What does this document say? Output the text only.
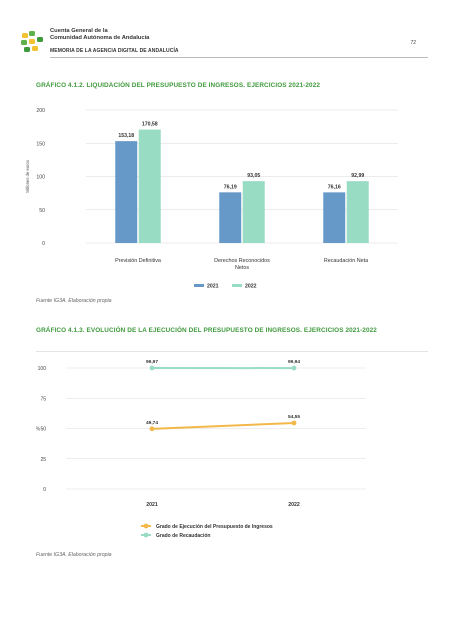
Cuenta General de la
Comunidad Autónoma de Andalucía
72
MEMORIA DE LA AGENCIA DIGITAL DE ANDALUCÍA
GRÁFICO 4.1.2. LIQUIDACIÓN DEL PRESUPUESTO DE INGRESOS. EJERCICIOS 2021-2022
0
50
100
150
200
Millones de euros
153,18
170,58
Previsión Definitiva
76,19
93,05
Derechos Reconocidos
Netos
76,16
92,99
Recaudación Neta
2021	2022
Fuente IG3A. Elaboración propia
GRÁFICO 4.1.3. EVOLUCIÓN DE LA EJECUCIÓN DEL PRESUPUESTO DE INGRESOS. EJERCICIOS 2021-2022
0
25
50
75
100
%
2021	2022
49,74
54,55
99,97	99,94
Grado de Ejecución del Presupuesto de Ingresos
Grado de Recaudación
Fuente IG3A. Elaboración propia
